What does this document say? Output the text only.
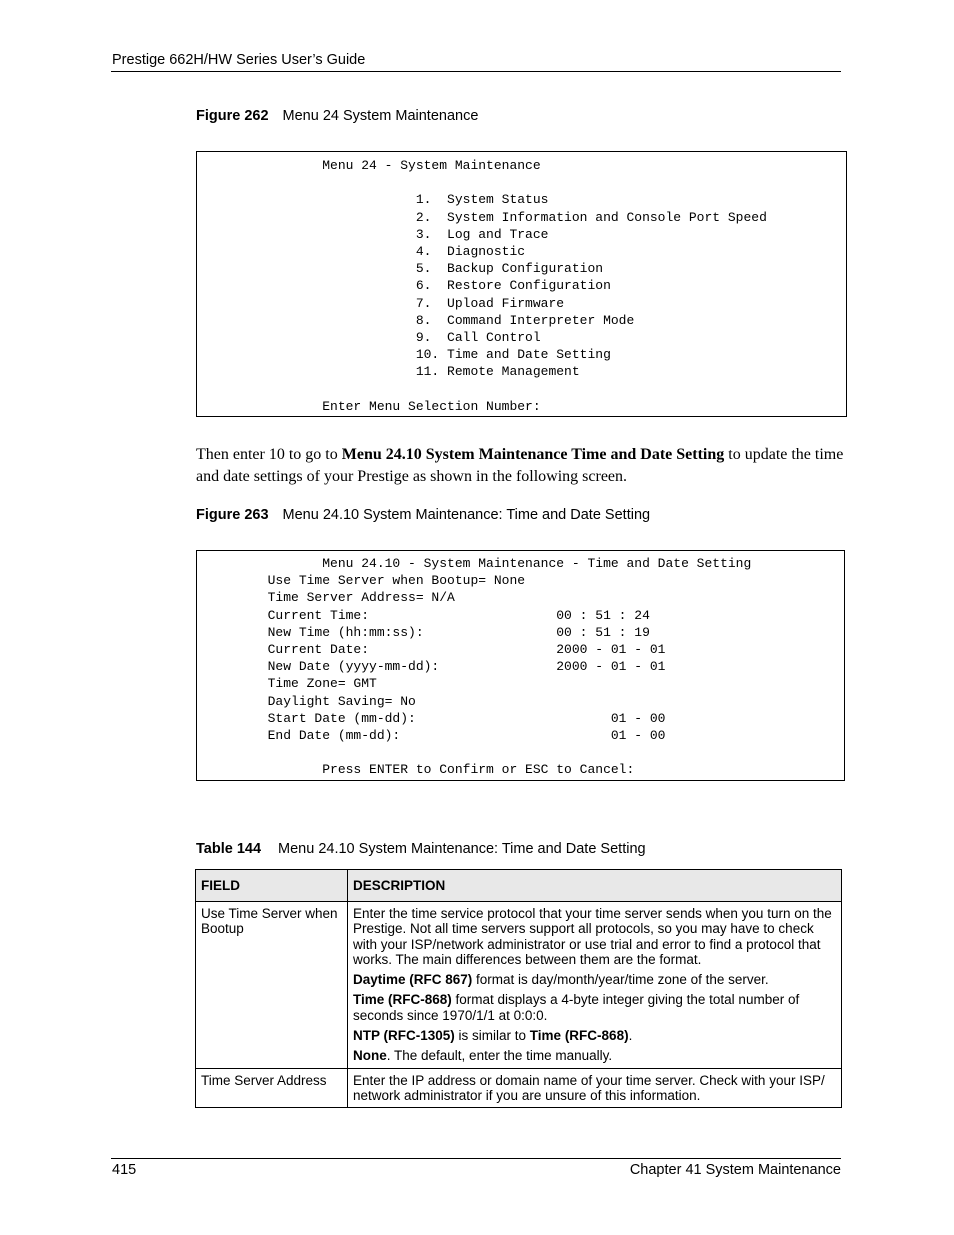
Prestige 662H/HW Series User’s Guide
Figure 262 Menu 24 System Maintenance
Menu 24 - System Maintenance

1.  System Status
2.  System Information and Console Port Speed
3.  Log and Trace
4.  Diagnostic
5.  Backup Configuration
6.  Restore Configuration
7.  Upload Firmware
8.  Command Interpreter Mode
9.  Call Control
10. Time and Date Setting
11. Remote Management

Enter Menu Selection Number:
Then enter 10 to go to Menu 24.10 System Maintenance Time and Date Setting to update the time and date settings of your Prestige as shown in the following screen.
Figure 263 Menu 24.10 System Maintenance: Time and Date Setting
Menu 24.10 - System Maintenance - Time and Date Setting
Use Time Server when Bootup= None
Time Server Address= N/A
Current Time:                        00 : 51 : 24
New Time (hh:mm:ss):                 00 : 51 : 19
Current Date:                        2000 - 01 - 01
New Date (yyyy-mm-dd):               2000 - 01 - 01
Time Zone= GMT
Daylight Saving= No
Start Date (mm-dd):                         01 - 00
End Date (mm-dd):                           01 - 00

Press ENTER to Confirm or ESC to Cancel:
Table 144 Menu 24.10 System Maintenance: Time and Date Setting
FIELD	DESCRIPTION
Use Time Server when Bootup	Enter the time service protocol that your time server sends when you turn on the Prestige. Not all time servers support all protocols, so you may have to check with your ISP/network administrator or use trial and error to find a protocol that works. The main differences between them are the format.

Daytime (RFC 867) format is day/month/year/time zone of the server.

Time (RFC-868) format displays a 4-byte integer giving the total number of seconds since 1970/1/1 at 0:0:0.

NTP (RFC-1305) is similar to Time (RFC-868).

None. The default, enter the time manually.

Time Server Address	Enter the IP address or domain name of your time server. Check with your ISP/ network administrator if you are unsure of this information.

415	Chapter 41 System Maintenance
